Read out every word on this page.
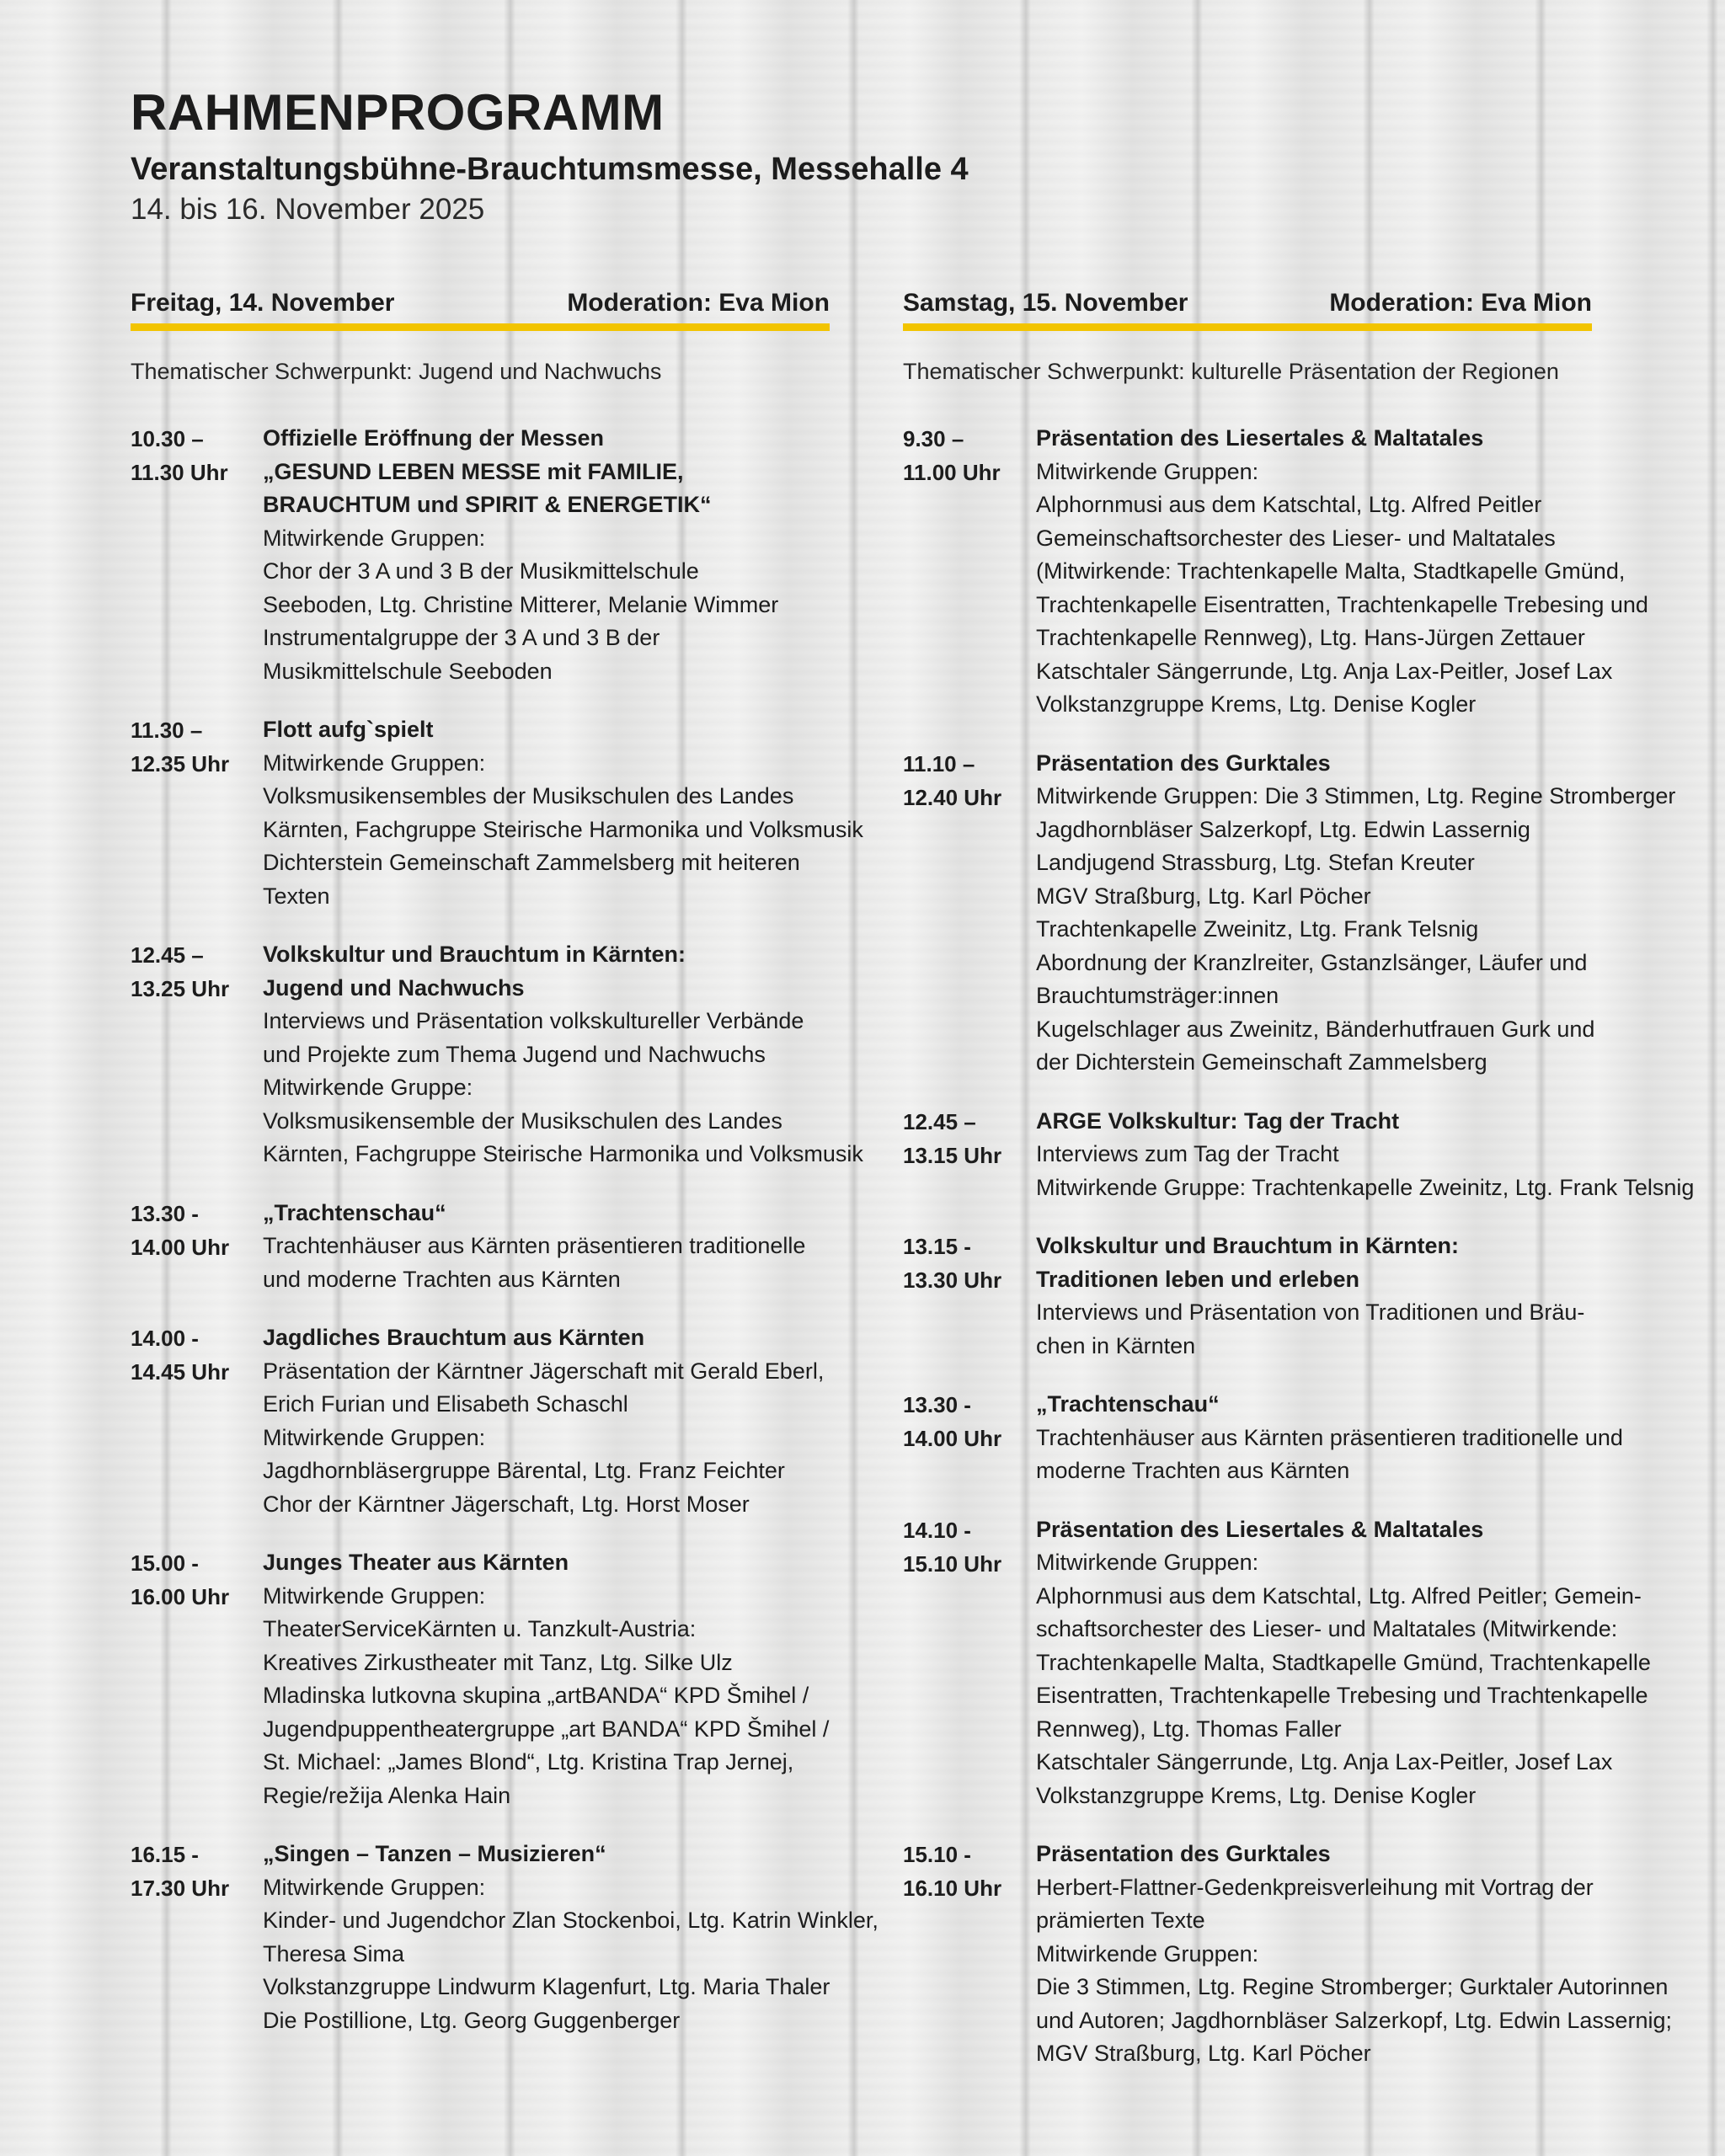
RAHMENPROGRAMM
Veranstaltungsbühne-Brauchtumsmesse, Messehalle 4
14. bis 16. November 2025
Freitag, 14. November	Moderation: Eva Mion
Thematischer Schwerpunkt: Jugend und Nachwuchs
10.30 –
11.30 Uhr
Offizielle Eröffnung der Messen
„GESUND LEBEN MESSE mit FAMILIE,
BRAUCHTUM und SPIRIT & ENERGETIK“
Mitwirkende Gruppen:
Chor der 3 A und 3 B der Musikmittelschule
Seeboden, Ltg. Christine Mitterer, Melanie Wimmer
Instrumentalgruppe der 3 A und 3 B der
Musikmittelschule Seeboden
11.30 –
12.35 Uhr
Flott aufg`spielt
Mitwirkende Gruppen:
Volksmusikensembles der Musikschulen des Landes
Kärnten, Fachgruppe Steirische Harmonika und Volksmusik
Dichterstein Gemeinschaft Zammelsberg mit heiteren
Texten
12.45 –
13.25 Uhr
Volkskultur und Brauchtum in Kärnten:
Jugend und Nachwuchs
Interviews und Präsentation volkskultureller Verbände
und Projekte zum Thema Jugend und Nachwuchs
Mitwirkende Gruppe:
Volksmusikensemble der Musikschulen des Landes
Kärnten, Fachgruppe Steirische Harmonika und Volksmusik
13.30 -
14.00 Uhr
„Trachtenschau“
Trachtenhäuser aus Kärnten präsentieren traditionelle
und moderne Trachten aus Kärnten
14.00 -
14.45 Uhr
Jagdliches Brauchtum aus Kärnten
Präsentation der Kärntner Jägerschaft mit Gerald Eberl,
Erich Furian und Elisabeth Schaschl
Mitwirkende Gruppen:
Jagdhornbläsergruppe Bärental, Ltg. Franz Feichter
Chor der Kärntner Jägerschaft, Ltg. Horst Moser
15.00 -
16.00 Uhr
Junges Theater aus Kärnten
Mitwirkende Gruppen:
TheaterServiceKärnten u. Tanzkult-Austria:
Kreatives Zirkustheater mit Tanz, Ltg. Silke Ulz
Mladinska lutkovna skupina „artBANDA“ KPD Šmihel /
Jugendpuppentheatergruppe „art BANDA“ KPD Šmihel /
St. Michael: „James Blond“, Ltg. Kristina Trap Jernej,
Regie/režija Alenka Hain
16.15 -
17.30 Uhr
„Singen – Tanzen – Musizieren“
Mitwirkende Gruppen:
Kinder- und Jugendchor Zlan Stockenboi, Ltg. Katrin Winkler,
Theresa Sima
Volkstanzgruppe Lindwurm Klagenfurt, Ltg. Maria Thaler
Die Postillione, Ltg. Georg Guggenberger
Samstag, 15. November	Moderation: Eva Mion
Thematischer Schwerpunkt: kulturelle Präsentation der Regionen
9.30 –
11.00 Uhr
Präsentation des Liesertales & Maltatales
Mitwirkende Gruppen:
Alphornmusi aus dem Katschtal, Ltg. Alfred Peitler
Gemeinschaftsorchester des Lieser- und Maltatales
(Mitwirkende: Trachtenkapelle Malta, Stadtkapelle Gmünd,
Trachtenkapelle Eisentratten, Trachtenkapelle Trebesing und
Trachtenkapelle Rennweg), Ltg. Hans-Jürgen Zettauer
Katschtaler Sängerrunde, Ltg. Anja Lax-Peitler, Josef Lax
Volkstanzgruppe Krems, Ltg. Denise Kogler
11.10 –
12.40 Uhr
Präsentation des Gurktales
Mitwirkende Gruppen: Die 3 Stimmen, Ltg. Regine Stromberger
Jagdhornbläser Salzerkopf, Ltg. Edwin Lassernig
Landjugend Strassburg, Ltg. Stefan Kreuter
MGV Straßburg, Ltg. Karl Pöcher
Trachtenkapelle Zweinitz, Ltg. Frank Telsnig
Abordnung der Kranzlreiter, Gstanzlsänger, Läufer und
Brauchtumsträger:innen
Kugelschlager aus Zweinitz, Bänderhutfrauen Gurk und
der Dichterstein Gemeinschaft Zammelsberg
12.45 –
13.15 Uhr
ARGE Volkskultur: Tag der Tracht
Interviews zum Tag der Tracht
Mitwirkende Gruppe: Trachtenkapelle Zweinitz, Ltg. Frank Telsnig
13.15 -
13.30 Uhr
Volkskultur und Brauchtum in Kärnten:
Traditionen leben und erleben
Interviews und Präsentation von Traditionen und Bräu-
chen in Kärnten
13.30 -
14.00 Uhr
„Trachtenschau“
Trachtenhäuser aus Kärnten präsentieren traditionelle und
moderne Trachten aus Kärnten
14.10 -
15.10 Uhr
Präsentation des Liesertales & Maltatales
Mitwirkende Gruppen:
Alphornmusi aus dem Katschtal, Ltg. Alfred Peitler; Gemein-
schaftsorchester des Lieser- und Maltatales (Mitwirkende:
Trachtenkapelle Malta, Stadtkapelle Gmünd, Trachtenkapelle
Eisentratten, Trachtenkapelle Trebesing und Trachtenkapelle
Rennweg), Ltg. Thomas Faller
Katschtaler Sängerrunde, Ltg. Anja Lax-Peitler, Josef Lax
Volkstanzgruppe Krems, Ltg. Denise Kogler
15.10 -
16.10 Uhr
Präsentation des Gurktales
Herbert-Flattner-Gedenkpreisverleihung mit Vortrag der
prämierten Texte
Mitwirkende Gruppen:
Die 3 Stimmen, Ltg. Regine Stromberger; Gurktaler Autorinnen
und Autoren; Jagdhornbläser Salzerkopf, Ltg. Edwin Lassernig;
MGV Straßburg, Ltg. Karl Pöcher
